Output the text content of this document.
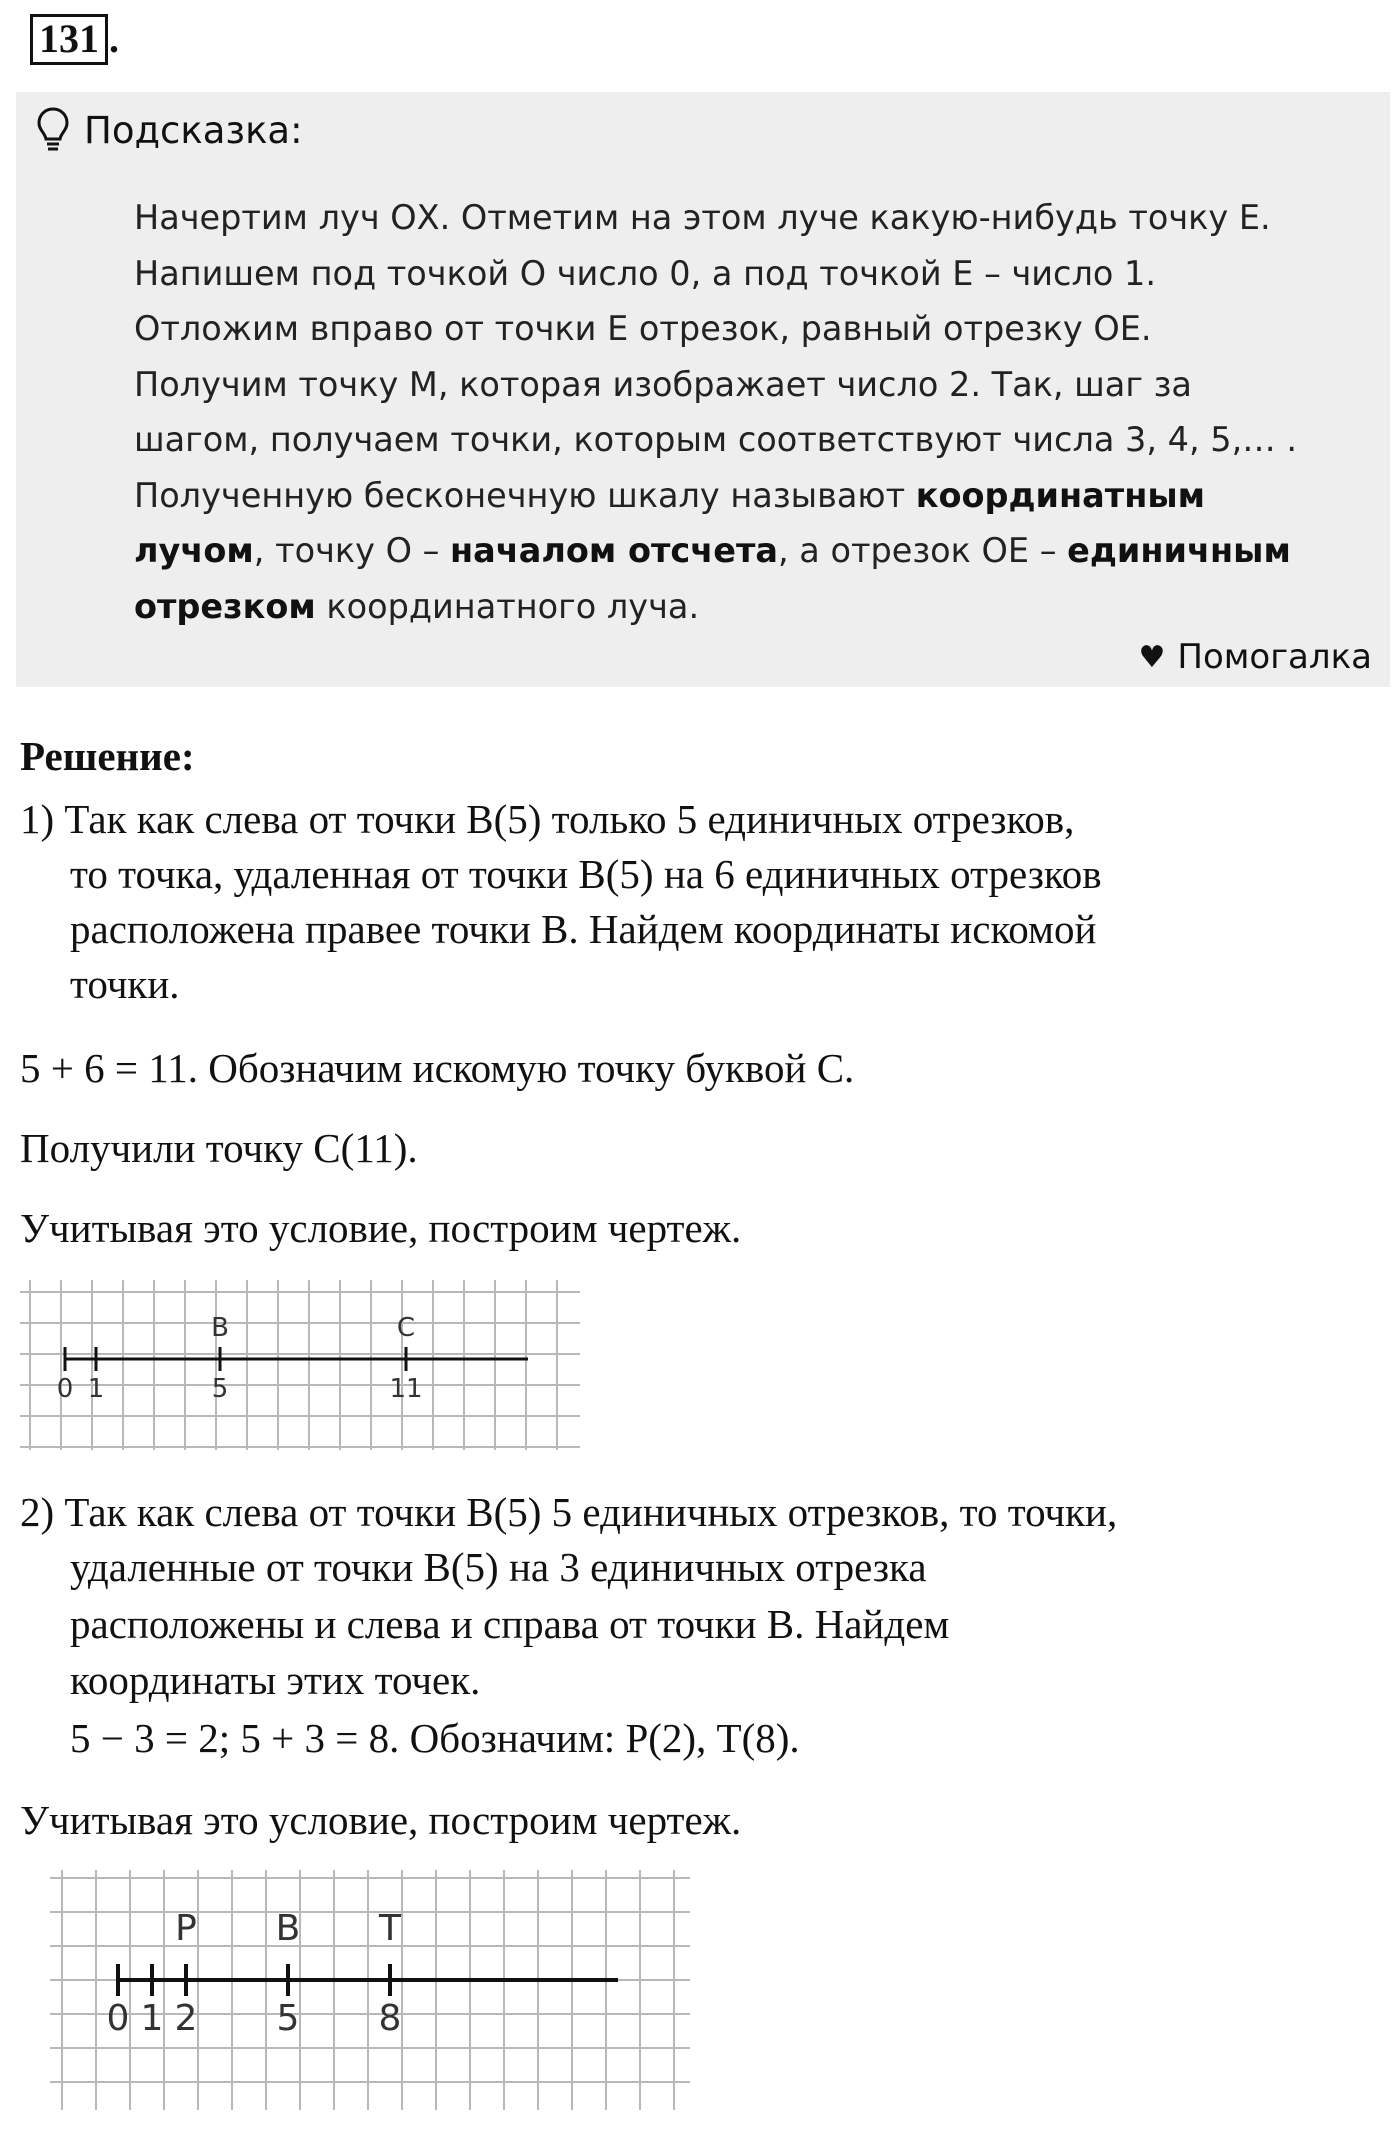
131 .
Подсказка:
Начертим луч ОХ. Отметим на этом луче какую-нибудь точку Е.
Напишем под точкой О число 0, а под точкой Е – число 1.
Отложим вправо от точки Е отрезок, равный отрезку ОЕ.
Получим точку М, которая изображает число 2. Так, шаг за
шагом, получаем точки, которым соответствуют числа 3, 4, 5,… .
Полученную бесконечную шкалу называют координатным
лучом, точку О – началом отсчета, а отрезок ОЕ – единичным
отрезком координатного луча.
♥ Помогалка
Решение:
1) Так как слева от точки В(5) только 5 единичных отрезков,
то точка, удаленная от точки В(5) на 6 единичных отрезков
расположена правее точки В. Найдем координаты искомой
точки.
5 + 6 = 11. Обозначим искомую точку буквой С.
Получили точку С(11).
Учитывая это условие, построим чертеж.
0 1	5	11
B	C
2) Так как слева от точки В(5) 5 единичных отрезков, то точки,
удаленные от точки В(5) на 3 единичных отрезка
расположены и слева и справа от точки В. Найдем
координаты этих точек.
5 − 3 = 2; 5 + 3 = 8. Обозначим: Р(2), Т(8).
Учитывая это условие, построим чертеж.
0 1 2 5 8
P B T
